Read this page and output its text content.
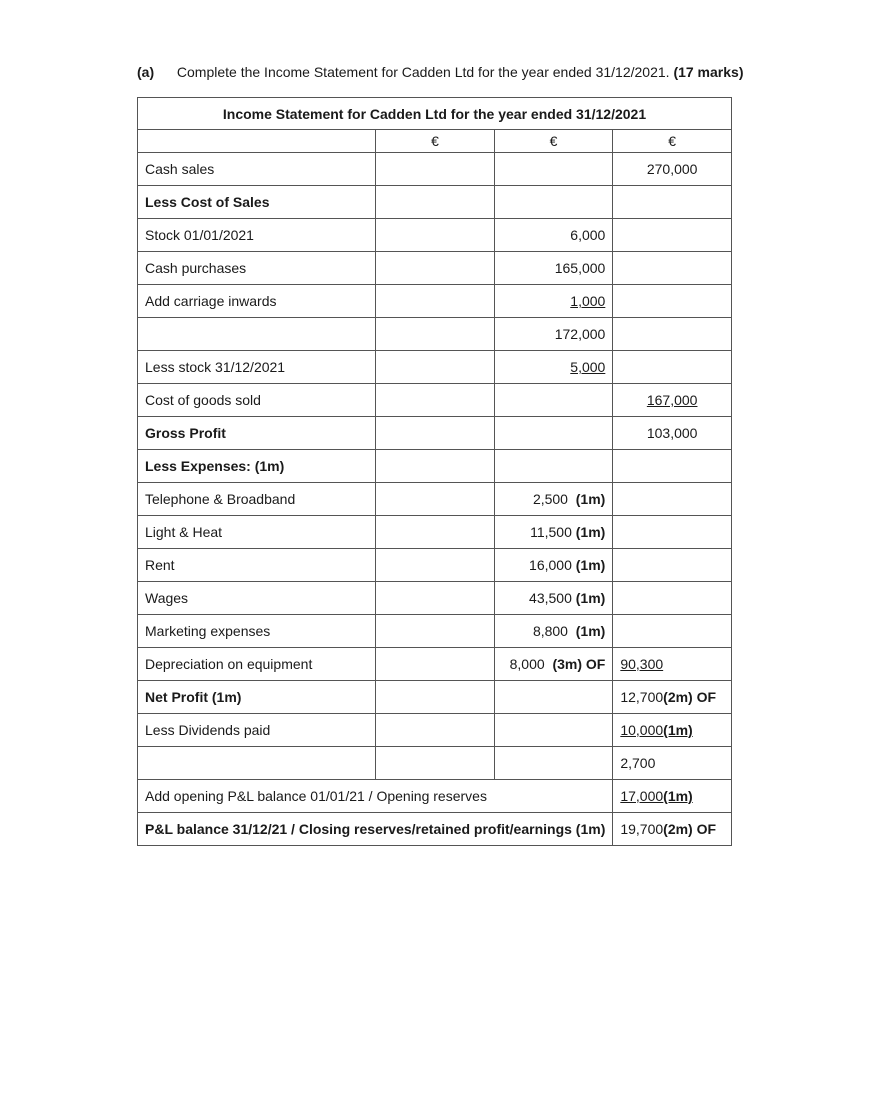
(a) Complete the Income Statement for Cadden Ltd for the year ended 31/12/2021. (17 marks)
Income Statement for Cadden Ltd for the year ended 31/12/2021			
	€	€	€
Cash sales			270,000
Less Cost of Sales			
Stock 01/01/2021		6,000	
Cash purchases		165,000	
Add carriage inwards		1,000	
		172,000	
Less stock 31/12/2021		5,000	
Cost of goods sold			167,000
Gross Profit			103,000
Less Expenses: (1m)			
Telephone & Broadband		2,500 (1m)	
Light & Heat		11,500 (1m)	
Rent		16,000 (1m)	
Wages		43,500 (1m)	
Marketing expenses		8,800 (1m)	
Depreciation on equipment		8,000 (3m) OF	90,300
Net Profit (1m)			12,700(2m) OF
Less Dividends paid			10,000(1m)
			2,700
Add opening P&L balance 01/01/21 / Opening reserves			17,000(1m)
P&L balance 31/12/21 / Closing reserves/retained profit/earnings (1m)			19,700(2m) OF
